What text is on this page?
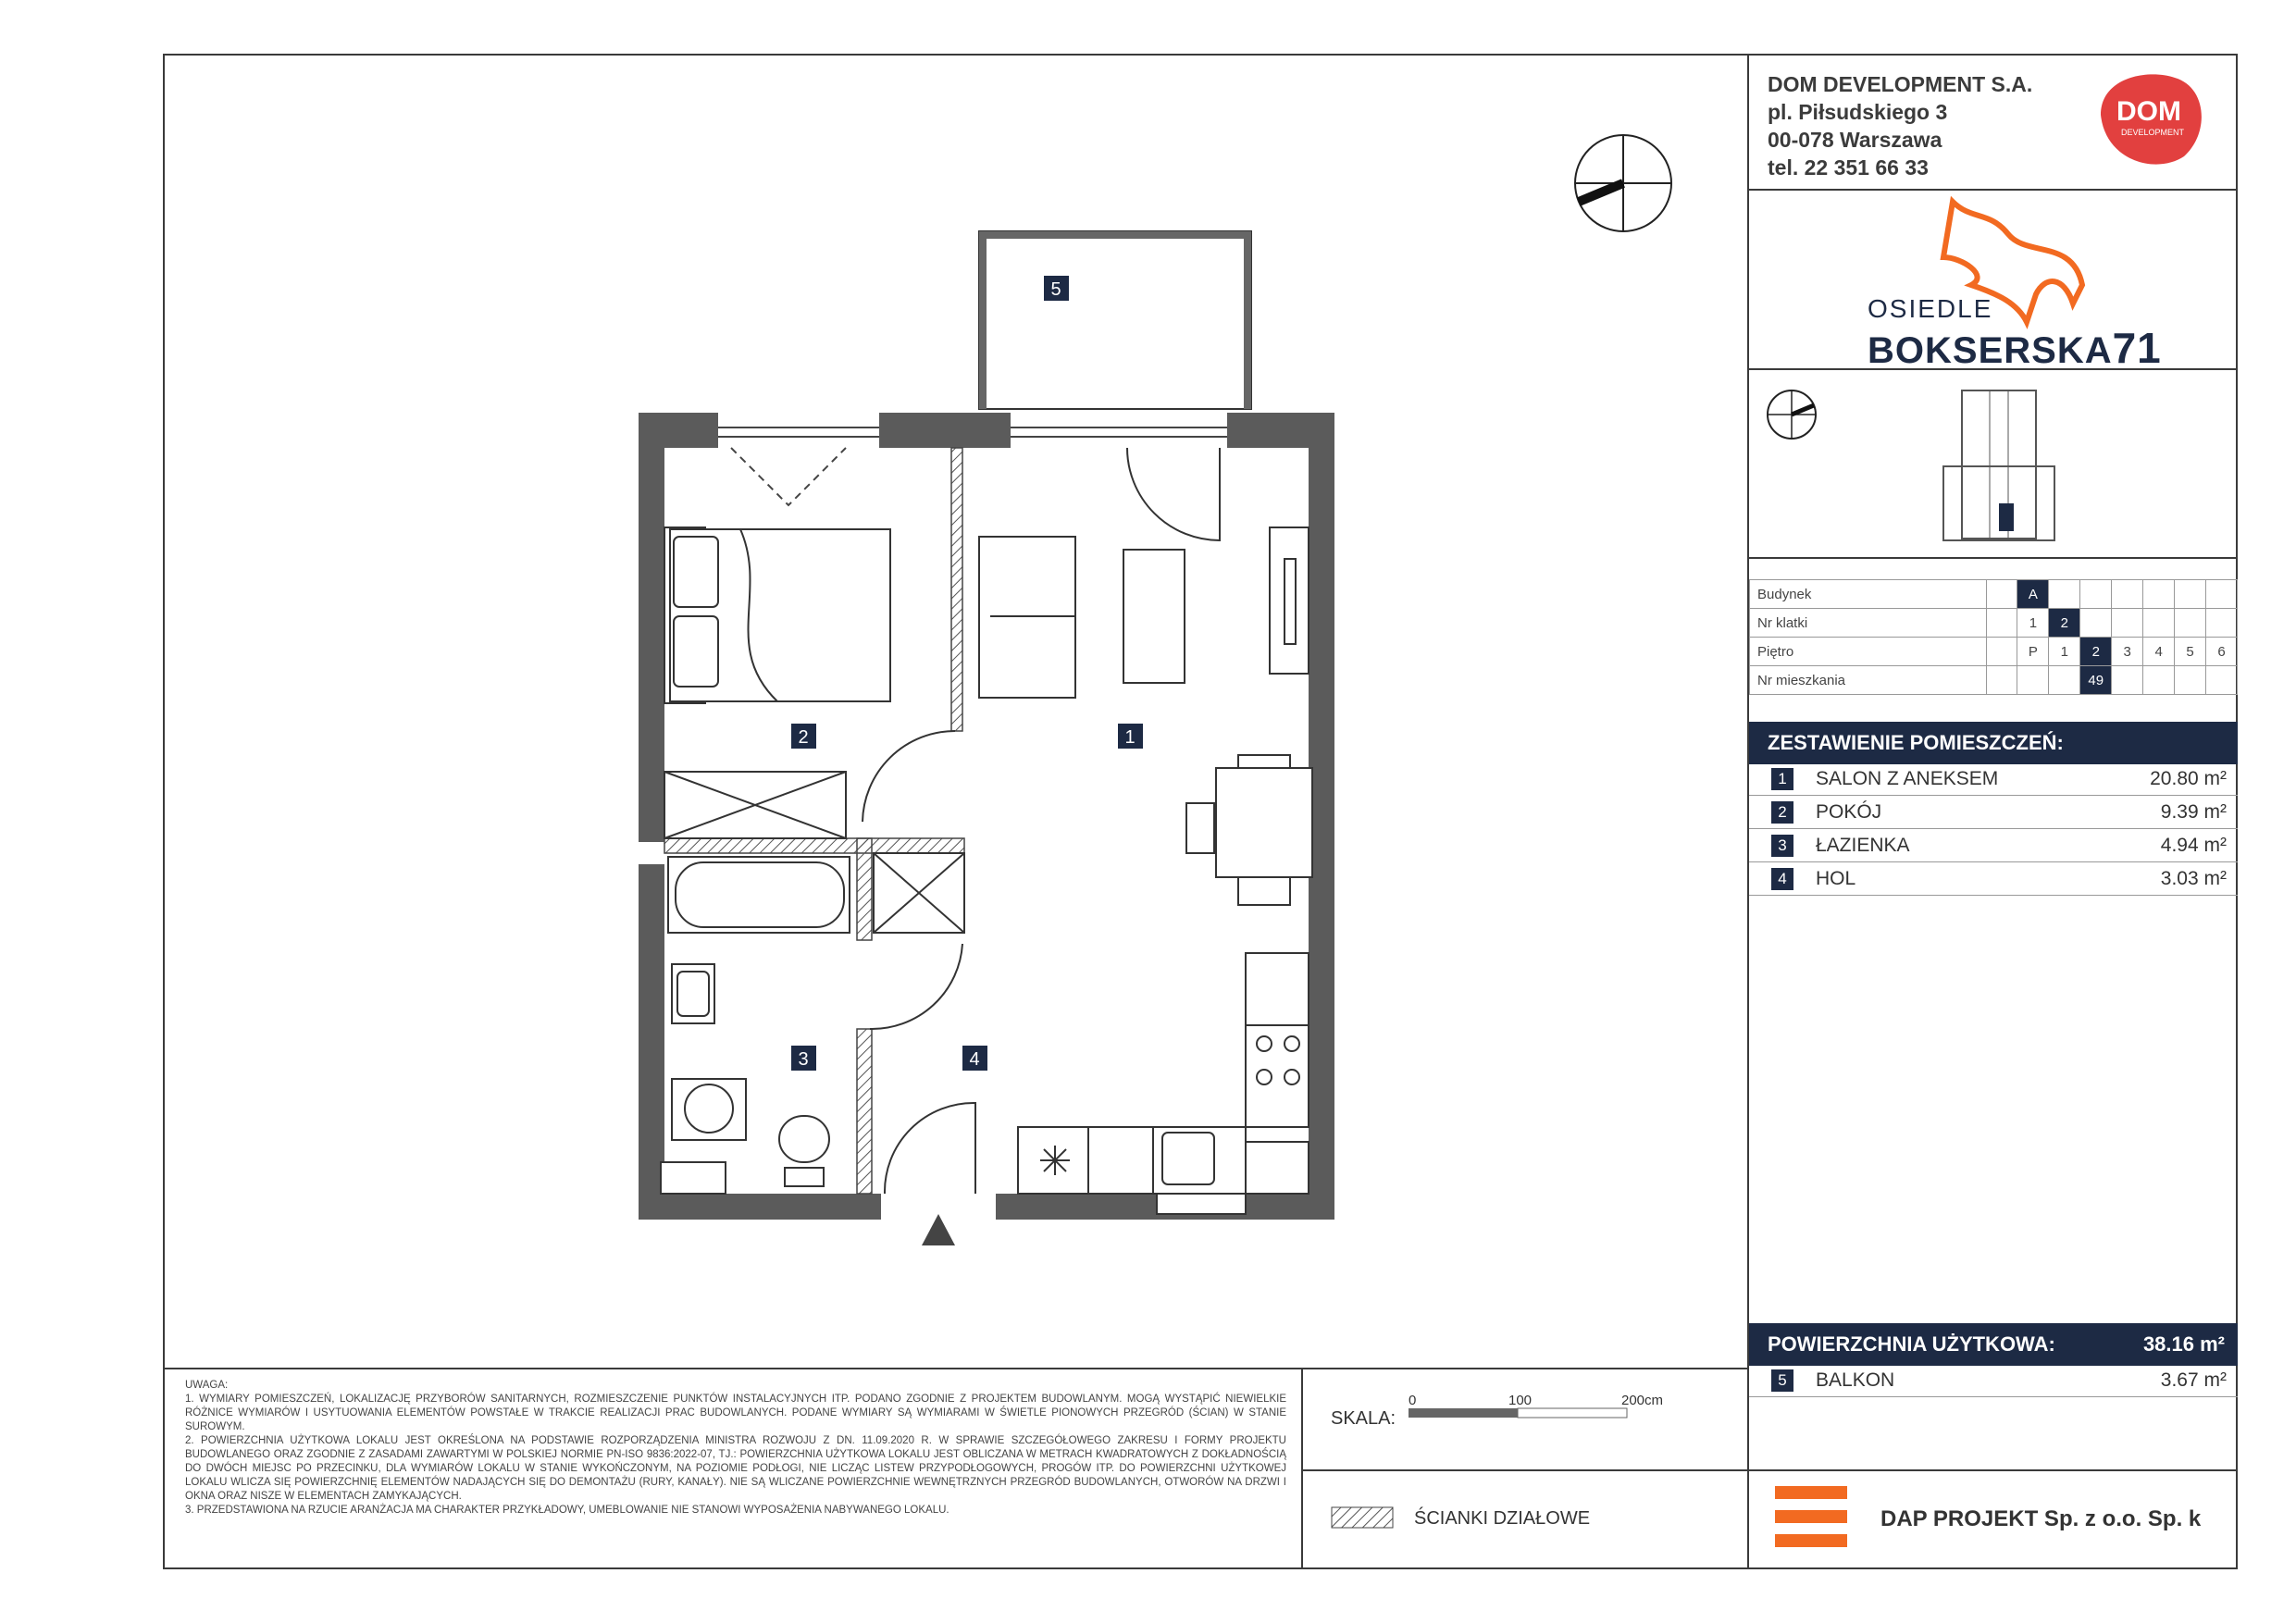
1
2
3	4
5
DOM DEVELOPMENT S.A.
pl. Piłsudskiego 3
00-078 Warszawa
tel. 22 351 66 33
DOM
DEVELOPMENT
OSIEDLE
BOKSERSKA71
Budynek		A						
Nr klatki		1	2					
Piętro		P	1	2	3	4	5	6
Nr mieszkania				49				
ZESTAWIENIE POMIESZCZEŃ:
1	SALON Z ANEKSEM	20.80 m²
2	POKÓJ	9.39 m²
3	ŁAZIENKA	4.94 m²
4	HOL	3.03 m²
POWIERZCHNIA UŻYTKOWA:	38.16 m²
5	BALKON	3.67 m²

UWAGA:

1. WYMIARY POMIESZCZEŃ, LOKALIZACJĘ PRZYBORÓW SANITARNYCH, ROZMIESZCZENIE PUNKTÓW INSTALACYJNYCH ITP. PODANO ZGODNIE Z PROJEKTEM BUDOWLANYM. MOGĄ WYSTĄPIĆ NIEWIELKIE RÓŻNICE WYMIARÓW I USYTUOWANIA ELEMENTÓW POWSTAŁE W TRAKCIE REALIZACJI PRAC BUDOWLANYCH. PODANE WYMIARY SĄ WYMIARAMI W ŚWIETLE PIONOWYCH PRZEGRÓD (ŚCIAN) W STANIE SUROWYM.

2. POWIERZCHNIA UŻYTKOWA LOKALU JEST OKREŚLONA NA PODSTAWIE ROZPORZĄDZENIA MINISTRA ROZWOJU Z DN. 11.09.2020 R. W SPRAWIE SZCZEGÓŁOWEGO ZAKRESU I FORMY PROJEKTU BUDOWLANEGO ORAZ ZGODNIE Z ZASADAMI ZAWARTYMI W POLSKIEJ NORMIE PN-ISO 9836:2022-07, TJ.: POWIERZCHNIA UŻYTKOWA LOKALU JEST OBLICZANA W METRACH KWADRATOWYCH Z DOKŁADNOŚCIĄ DO DWÓCH MIEJSC PO PRZECINKU, DLA WYMIARÓW LOKALU W STANIE WYKOŃCZONYM, NA POZIOMIE PODŁOGI, NIE LICZĄC LISTEW PRZYPODŁOGOWYCH, PROGÓW ITP. DO POWIERZCHNI UŻYTKOWEJ LOKALU WLICZA SIĘ POWIERZCHNIĘ ELEMENTÓW NADAJĄCYCH SIĘ DO DEMONTAŻU (RURY, KANAŁY). NIE SĄ WLICZANE POWIERZCHNIE WEWNĘTRZNYCH PRZEGRÓD BUDOWLANYCH, OTWORÓW NA DRZWI I OKNA ORAZ NISZE W ELEMENTACH ZAMYKAJĄCYCH.

3. PRZEDSTAWIONA NA RZUCIE ARANŻACJA MA CHARAKTER PRZYKŁADOWY, UMEBLOWANIE NIE STANOWI WYPOSAŻENIA NABYWANEGO LOKALU.

SKALA:
0	100	200cm
ŚCIANKI DZIAŁOWE	DAP PROJEKT Sp. z o.o. Sp. k
